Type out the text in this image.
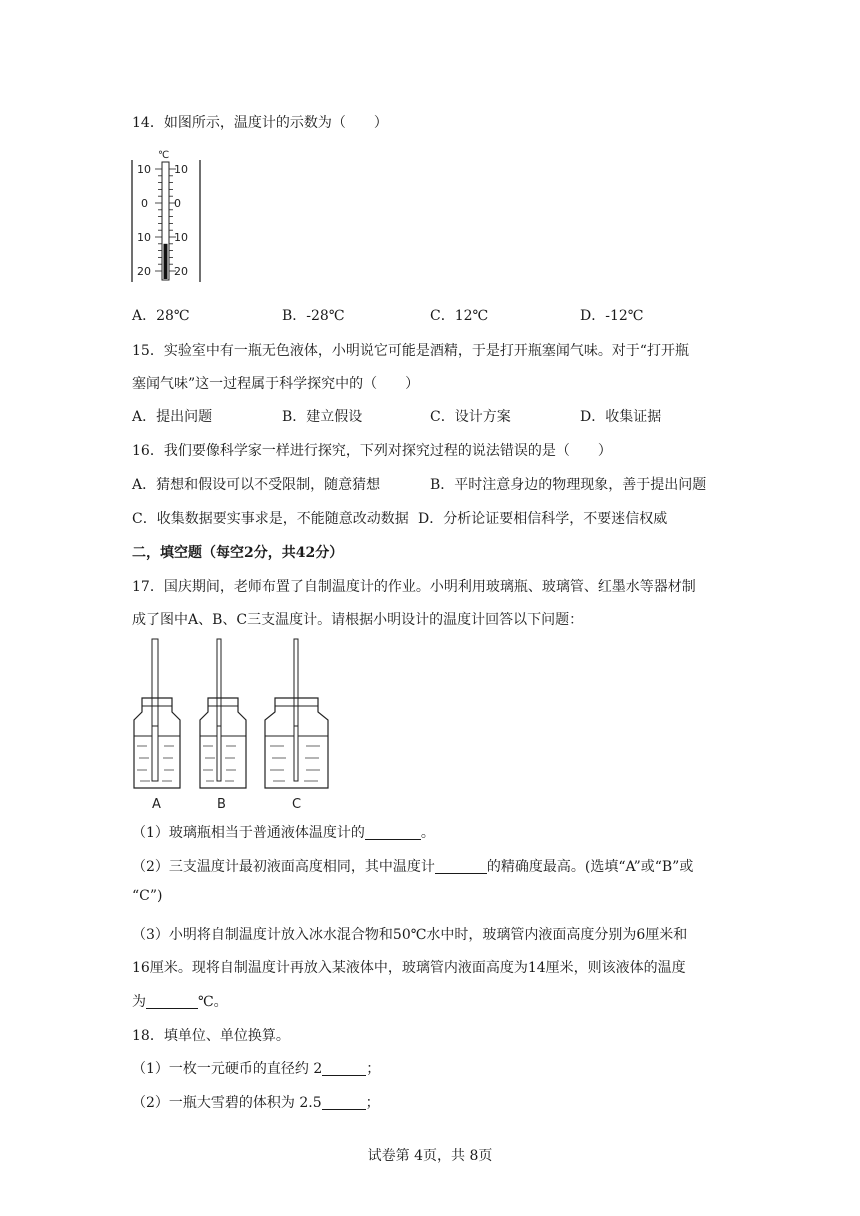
14．如图所示，温度计的示数为（　　）
℃
10
0
10
20
10
0
10
20
A．28℃	B．-28℃	C．12℃	D．-12℃
15．实验室中有一瓶无色液体，小明说它可能是酒精，于是打开瓶塞闻气味。对于“打开瓶
塞闻气味”这一过程属于科学探究中的（　　）
A．提出问题	B．建立假设	C．设计方案	D．收集证据
16．我们要像科学家一样进行探究，下列对探究过程的说法错误的是（　　）
A．猜想和假设可以不受限制，随意猜想	B．平时注意身边的物理现象，善于提出问题
C．收集数据要实事求是，不能随意改动数据 D．分析论证要相信科学，不要迷信权威
二，填空题（每空2分，共42分）
17．国庆期间，老师布置了自制温度计的作业。小明利用玻璃瓶、玻璃管、红墨水等器材制
成了图中A、B、C三支温度计。请根据小明设计的温度计回答以下问题：
A	B	C
（1）玻璃瓶相当于普通液体温度计的	。
（2）三支温度计最初液面高度相同，其中温度计	的精确度最高。(选填“A”或“B”或
“C”)
（3）小明将自制温度计放入冰水混合物和50℃水中时，玻璃管内液面高度分别为6厘米和
16厘米。现将自制温度计再放入某液体中，玻璃管内液面高度为14厘米，则该液体的温度
为	℃。
18．填单位、单位换算。
（1）一枚一元硬币的直径约 2	；
（2）一瓶大雪碧的体积为 2.5	；
试卷第 4页，共 8页
